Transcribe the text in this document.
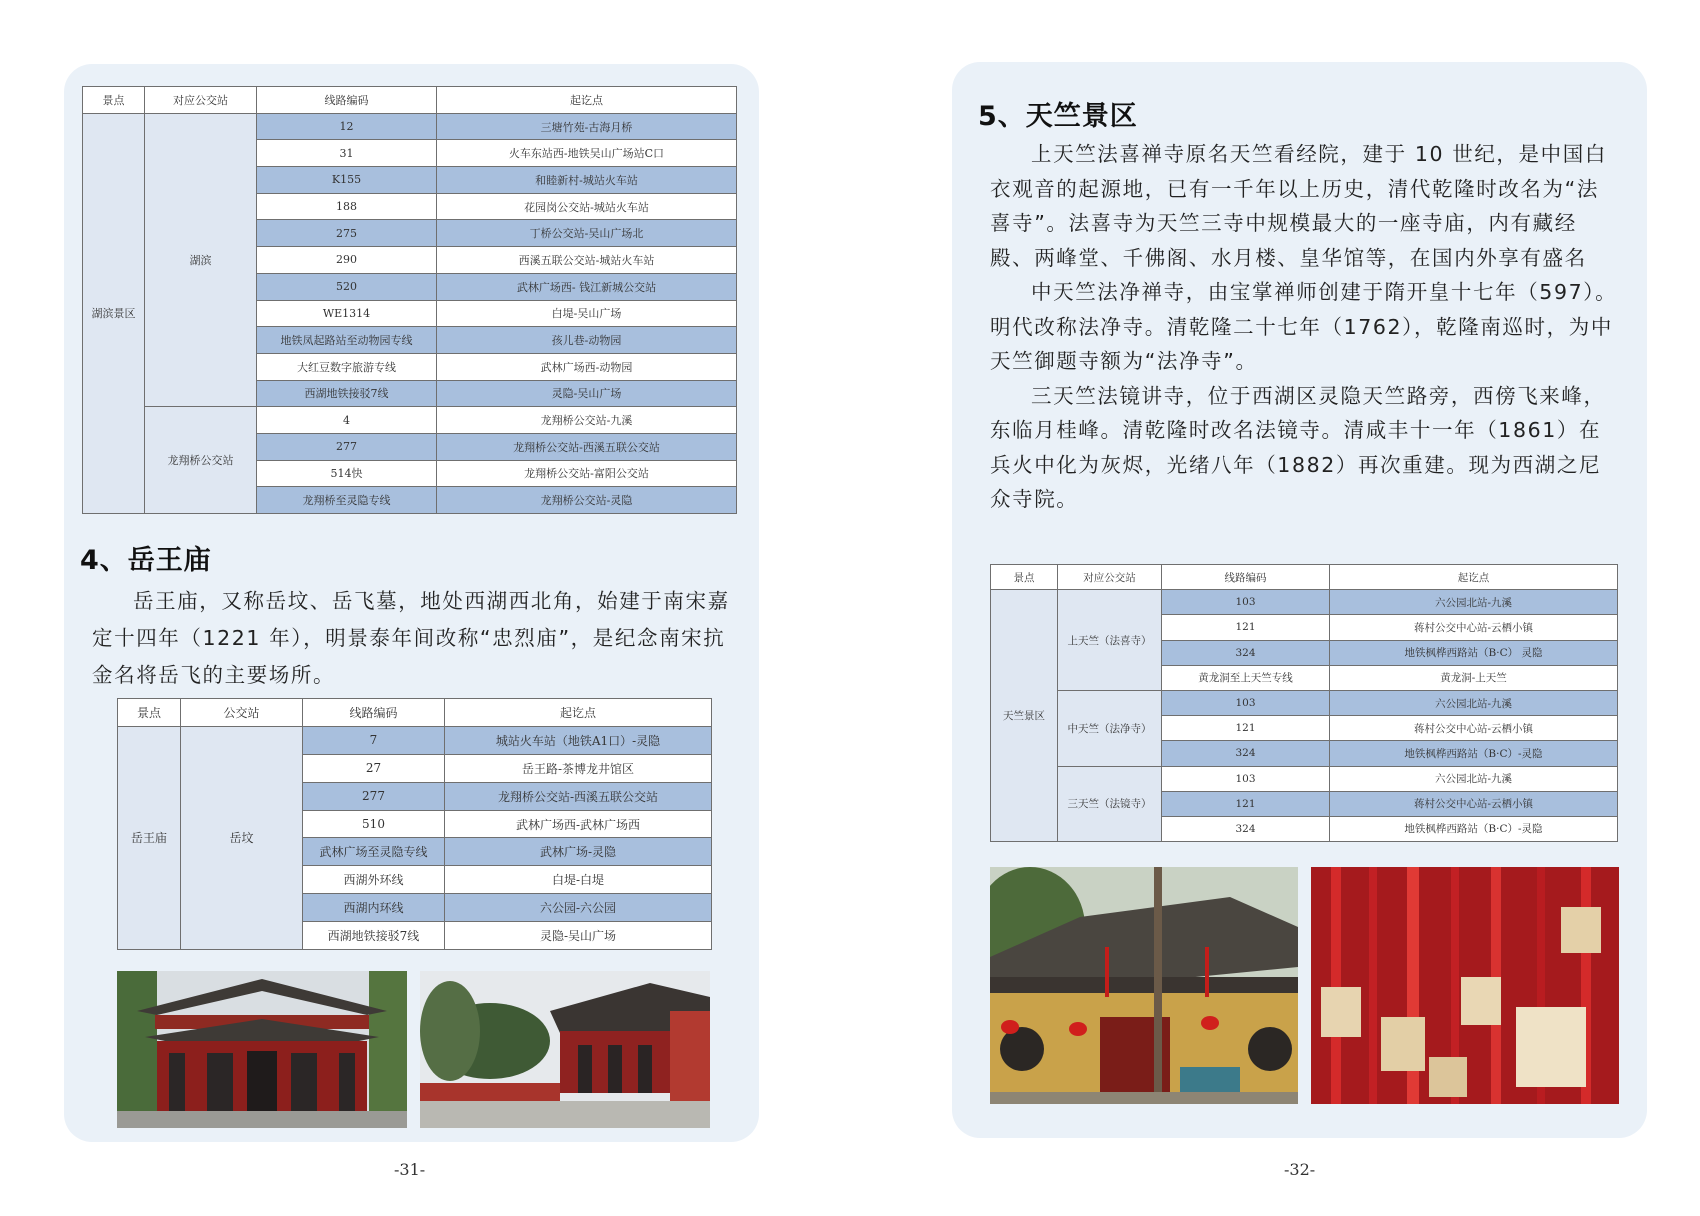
景点	对应公交站	线路编码	起讫点
湖滨景区	湖滨	12	三塘竹苑-古海月桥
		31	火车东站西-地铁吴山广场站C口
		K155	和睦新村-城站火车站
		188	花园岗公交站-城站火车站
		275	丁桥公交站-吴山广场北
		290	西溪五联公交站-城站火车站
		520	武林广场西- 钱江新城公交站
		WE1314	白堤-吴山广场
		地铁凤起路站至动物园专线	孩儿巷-动物园
		大红豆数字旅游专线	武林广场西-动物园
		西湖地铁接驳7线	灵隐-吴山广场
	龙翔桥公交站	4	龙翔桥公交站-九溪
		277	龙翔桥公交站-西溪五联公交站
		514快	龙翔桥公交站-富阳公交站
		龙翔桥至灵隐专线	龙翔桥公交站-灵隐
4、岳王庙

岳王庙，又称岳坟、岳飞墓，地处西湖西北角，始建于南宋嘉定十四年（1221 年），明景泰年间改称“忠烈庙”，是纪念南宋抗金名将岳飞的主要场所。

景点	公交站	线路编码	起讫点
岳王庙	岳坟	7	城站火车站（地铁A1口）-灵隐
		27	岳王路-茶博龙井馆区
		277	龙翔桥公交站-西溪五联公交站
		510	武林广场西-武林广场西
		武林广场至灵隐专线	武林广场-灵隐
		西湖外环线	白堤-白堤
		西湖内环线	六公园-六公园
		西湖地铁接驳7线	灵隐-吴山广场
-31-
5、天竺景区

上天竺法喜禅寺原名天竺看经院，建于 10 世纪，是中国白衣观音的起源地，已有一千年以上历史，清代乾隆时改名为“法喜寺”。法喜寺为天竺三寺中规模最大的一座寺庙，内有藏经殿、两峰堂、千佛阁、水月楼、皇华馆等，在国内外享有盛名

中天竺法净禅寺，由宝掌禅师创建于隋开皇十七年（597）。明代改称法净寺。清乾隆二十七年（1762），乾隆南巡时，为中天竺御题寺额为“法净寺”。

三天竺法镜讲寺，位于西湖区灵隐天竺路旁，西傍飞来峰，东临月桂峰。清乾隆时改名法镜寺。清咸丰十一年（1861）在兵火中化为灰烬，光绪八年（1882）再次重建。现为西湖之尼众寺院。

景点	对应公交站	线路编码	起讫点
天竺景区	上天竺（法喜寺）	103	六公园北站-九溪
		121	蒋村公交中心站-云栖小镇
		324	地铁枫桦西路站（B·C） 灵隐
		黄龙洞至上天竺专线	黄龙洞-上天竺
	中天竺（法净寺）	103	六公园北站-九溪
		121	蒋村公交中心站-云栖小镇
		324	地铁枫桦西路站（B·C）-灵隐
	三天竺（法镜寺）	103	六公园北站-九溪
		121	蒋村公交中心站-云栖小镇
		324	地铁枫桦西路站（B·C）-灵隐
-32-
